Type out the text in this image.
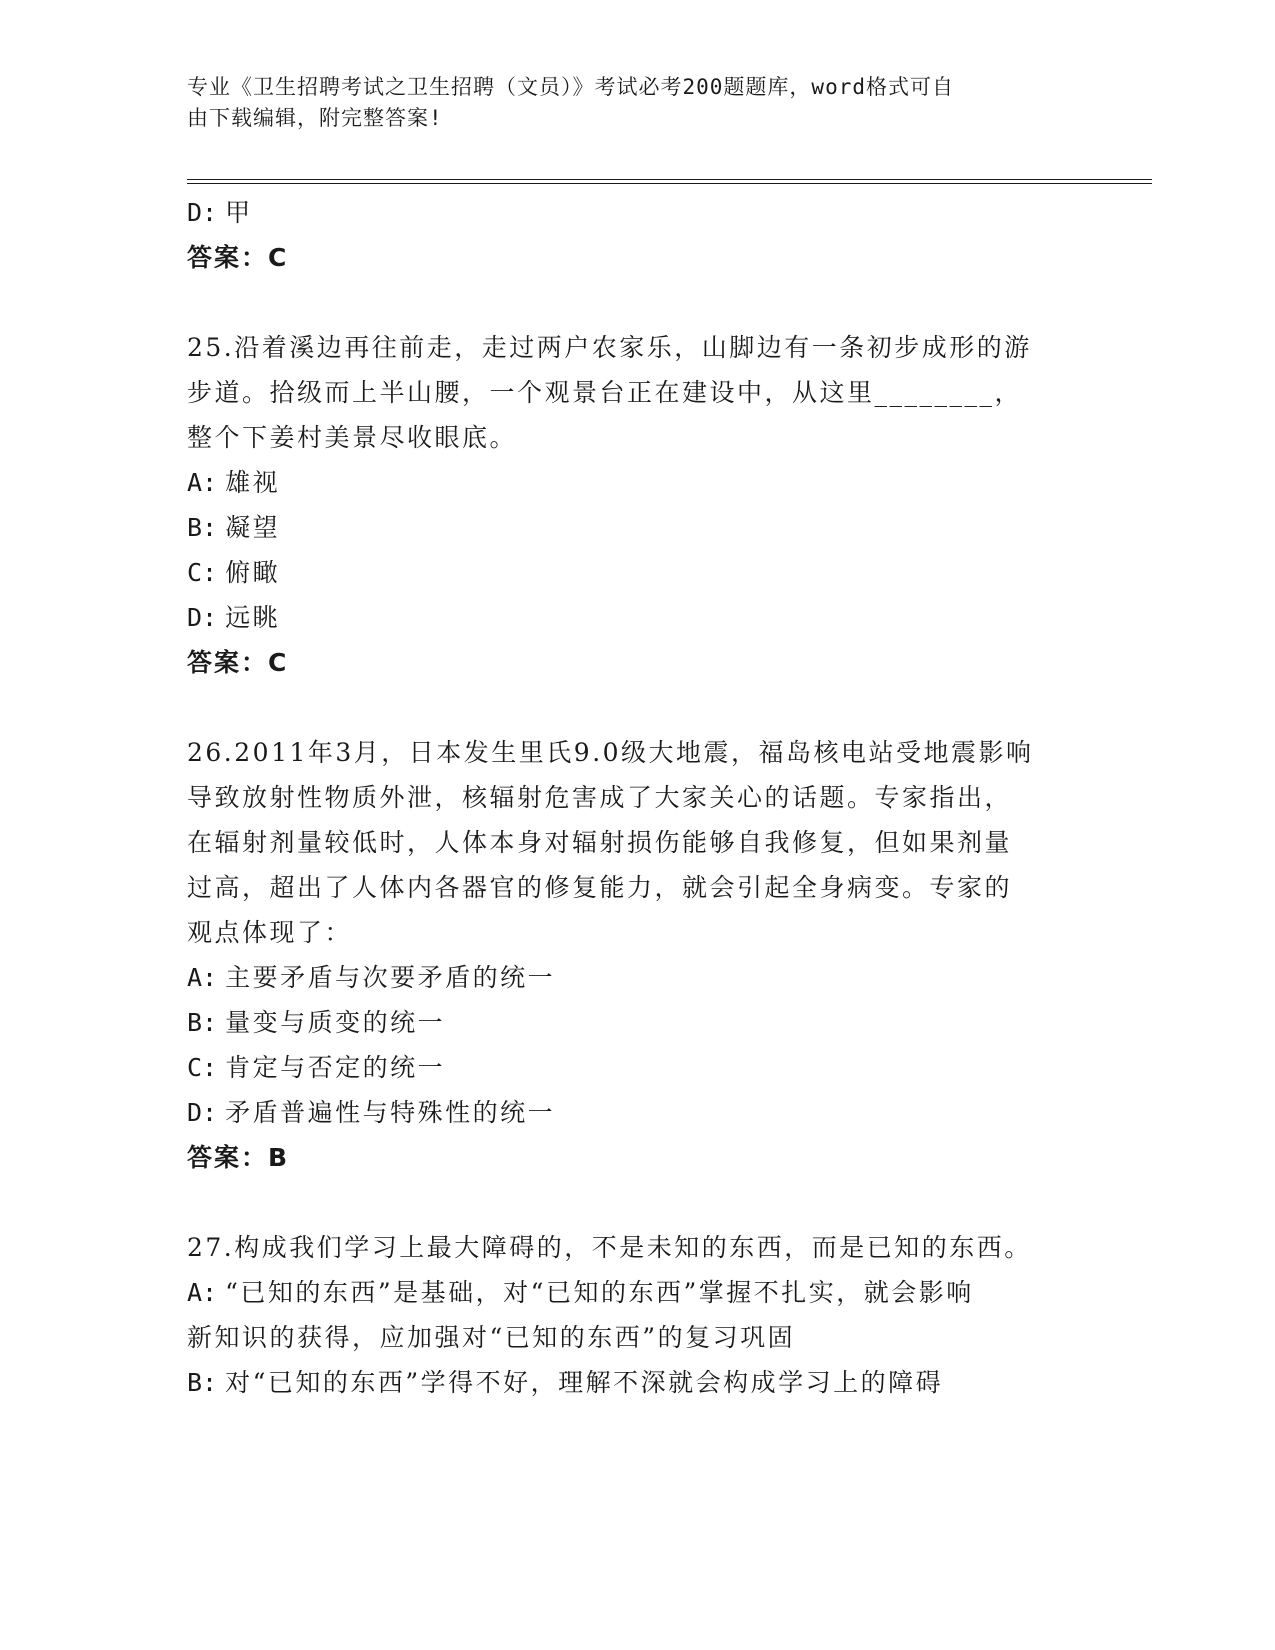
专业《卫生招聘考试之卫生招聘（文员）》考试必考200题题库，word格式可自
由下载编辑，附完整答案!
D: 甲
答案：C
25.沿着溪边再往前走，走过两户农家乐，山脚边有一条初步成形的游
步道。拾级而上半山腰，一个观景台正在建设中，从这里________，
整个下姜村美景尽收眼底。
A: 雄视
B: 凝望
C: 俯瞰
D: 远眺
答案：C
26.2011年3月，日本发生里氏9.0级大地震，福岛核电站受地震影响
导致放射性物质外泄，核辐射危害成了大家关心的话题。专家指出，
在辐射剂量较低时，人体本身对辐射损伤能够自我修复，但如果剂量
过高，超出了人体内各器官的修复能力，就会引起全身病变。专家的
观点体现了：
A: 主要矛盾与次要矛盾的统一
B: 量变与质变的统一
C: 肯定与否定的统一
D: 矛盾普遍性与特殊性的统一
答案：B
27.构成我们学习上最大障碍的，不是未知的东西，而是已知的东西。
A: “已知的东西”是基础，对“已知的东西”掌握不扎实，就会影响
新知识的获得，应加强对“已知的东西”的复习巩固
B: 对“已知的东西”学得不好，理解不深就会构成学习上的障碍
